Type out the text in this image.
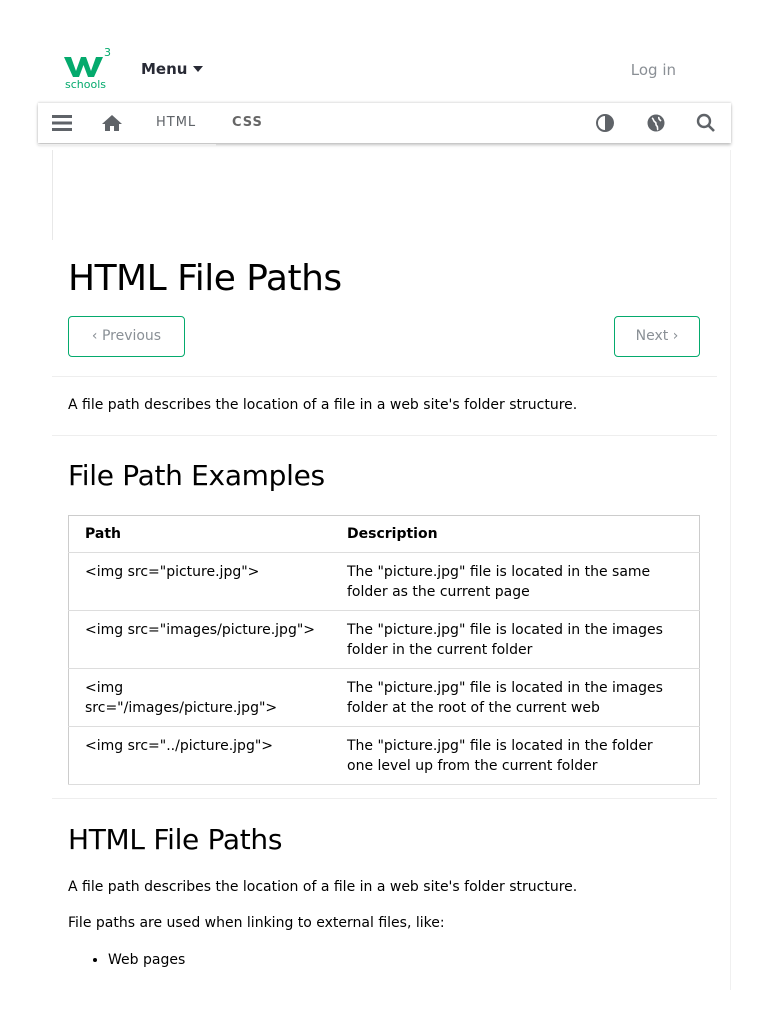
3
schools
Menu	Log in
HTML	CSS
HTML File Paths
‹ Previous	Next ›

A file path describes the location of a file in a web site's folder structure.

File Path Examples
Path	Description
<img src="picture.jpg">	The "picture.jpg" file is located in the same folder as the current page
<img src="images/picture.jpg">	The "picture.jpg" file is located in the images folder in the current folder
<img src="/images/picture.jpg">	The "picture.jpg" file is located in the images folder at the root of the current web
<img src="../picture.jpg">	The "picture.jpg" file is located in the folder one level up from the current folder
HTML File Paths

A file path describes the location of a file in a web site's folder structure.

File paths are used when linking to external files, like:

• Web pages
